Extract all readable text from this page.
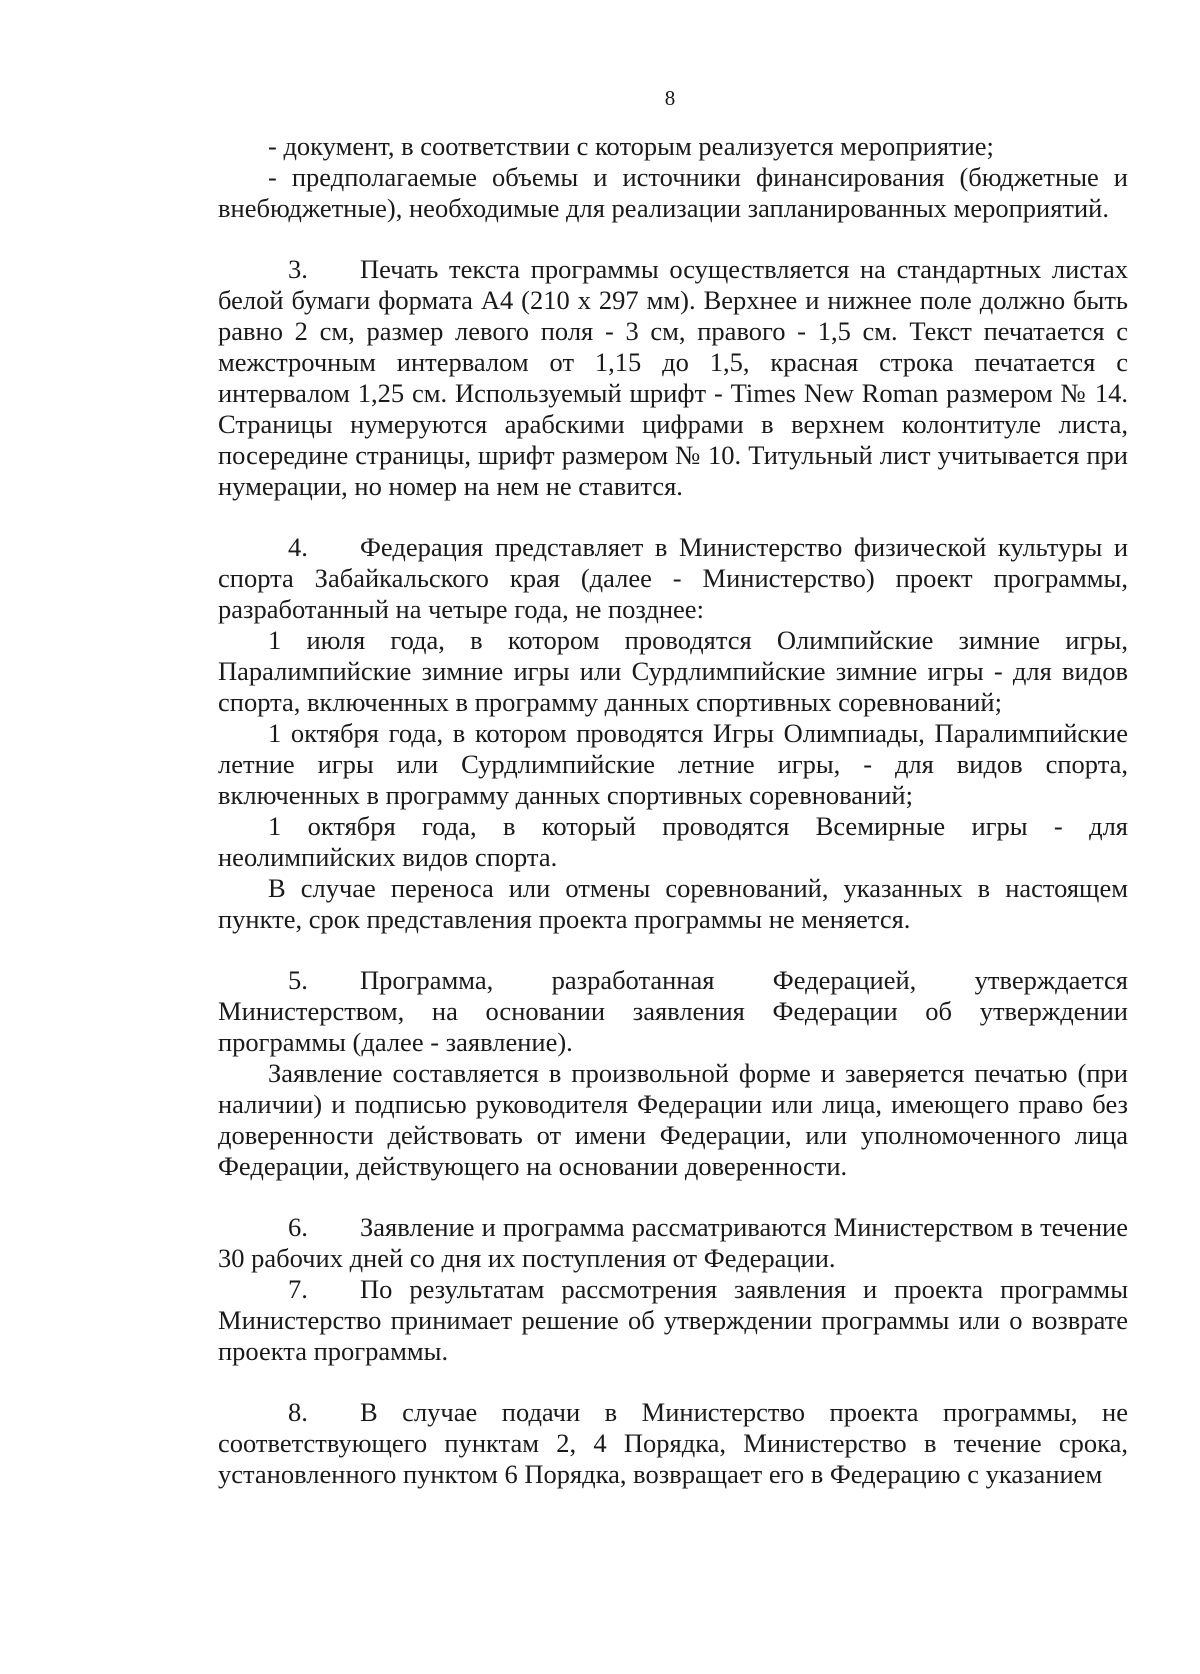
8

- документ, в соответствии с которым реализуется мероприятие;

- предполагаемые объемы и источники финансирования (бюджетные и внебюджетные), необходимые для реализации запланированных мероприятий.

3. Печать текста программы осуществляется на стандартных листах белой бумаги формата А4 (210 х 297 мм). Верхнее и нижнее поле должно быть равно 2 см, размер левого поля - 3 см, правого - 1,5 см. Текст печатается с межстрочным интервалом от 1,15 до 1,5, красная строка печатается с интервалом 1,25 см. Используемый шрифт - Times New Roman размером № 14. Страницы нумеруются арабскими цифрами в верхнем колонтитуле листа, посередине страницы, шрифт размером № 10. Титульный лист учитывается при нумерации, но номер на нем не ставится.

4. Федерация представляет в Министерство физической культуры и спорта Забайкальского края (далее - Министерство) проект программы, разработанный на четыре года, не позднее:

1 июля года, в котором проводятся Олимпийские зимние игры, Паралимпийские зимние игры или Сурдлимпийские зимние игры - для видов спорта, включенных в программу данных спортивных соревнований;

1 октября года, в котором проводятся Игры Олимпиады, Паралимпийские летние игры или Сурдлимпийские летние игры, - для видов спорта, включенных в программу данных спортивных соревнований;

1 октября года, в который проводятся Всемирные игры - для неолимпийских видов спорта.

В случае переноса или отмены соревнований, указанных в настоящем пункте, срок представления проекта программы не меняется.

5. Программа, разработанная Федерацией, утверждается Министерством, на основании заявления Федерации об утверждении программы (далее - заявление).

Заявление составляется в произвольной форме и заверяется печатью (при наличии) и подписью руководителя Федерации или лица, имеющего право без доверенности действовать от имени Федерации, или уполномоченного лица Федерации, действующего на основании доверенности.

6. Заявление и программа рассматриваются Министерством в течение 30 рабочих дней со дня их поступления от Федерации.

7. По результатам рассмотрения заявления и проекта программы Министерство принимает решение об утверждении программы или о возврате проекта программы.

8. В случае подачи в Министерство проекта программы, не соответствующего пунктам 2, 4 Порядка, Министерство в течение срока, установленного пунктом 6 Порядка, возвращает его в Федерацию с указанием
